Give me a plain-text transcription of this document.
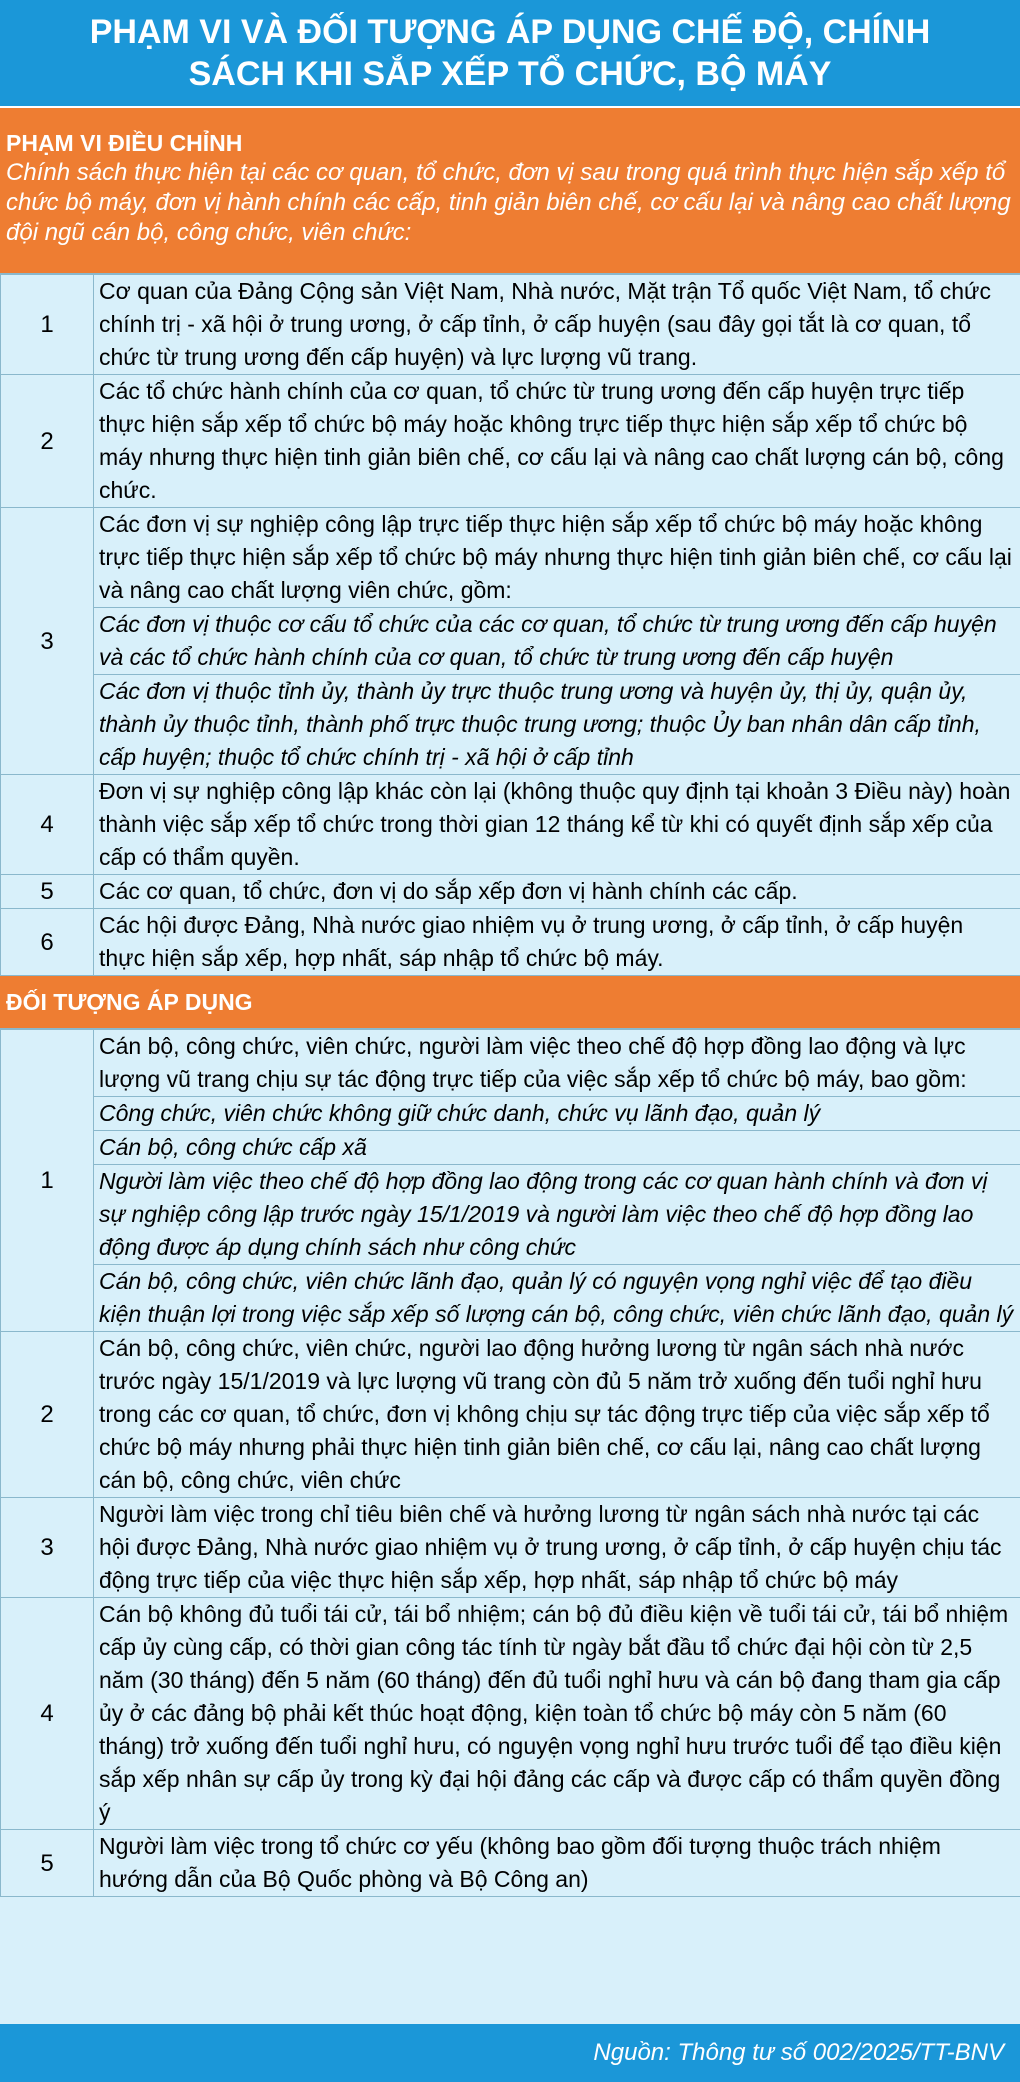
PHẠM VI VÀ ĐỐI TƯỢNG ÁP DỤNG CHẾ ĐỘ, CHÍNH
SÁCH KHI SẮP XẾP TỔ CHỨC, BỘ MÁY
PHẠM VI ĐIỀU CHỈNH
Chính sách thực hiện tại các cơ quan, tổ chức, đơn vị sau trong quá trình thực hiện sắp xếp tổ chức bộ máy, đơn vị hành chính các cấp, tinh giản biên chế, cơ cấu lại và nâng cao chất lượng đội ngũ cán bộ, công chức, viên chức:
1	Cơ quan của Đảng Cộng sản Việt Nam, Nhà nước, Mặt trận Tổ quốc Việt Nam, tổ chức chính trị - xã hội ở trung ương, ở cấp tỉnh, ở cấp huyện (sau đây gọi tắt là cơ quan, tổ chức từ trung ương đến cấp huyện) và lực lượng vũ trang.
2	Các tổ chức hành chính của cơ quan, tổ chức từ trung ương đến cấp huyện trực tiếp thực hiện sắp xếp tổ chức bộ máy hoặc không trực tiếp thực hiện sắp xếp tổ chức bộ máy nhưng thực hiện tinh giản biên chế, cơ cấu lại và nâng cao chất lượng cán bộ, công chức.
3	Các đơn vị sự nghiệp công lập trực tiếp thực hiện sắp xếp tổ chức bộ máy hoặc không trực tiếp thực hiện sắp xếp tổ chức bộ máy nhưng thực hiện tinh giản biên chế, cơ cấu lại và nâng cao chất lượng viên chức, gồm:
	Các đơn vị thuộc cơ cấu tổ chức của các cơ quan, tổ chức từ trung ương đến cấp huyện và các tổ chức hành chính của cơ quan, tổ chức từ trung ương đến cấp huyện
	Các đơn vị thuộc tỉnh ủy, thành ủy trực thuộc trung ương và huyện ủy, thị ủy, quận ủy, thành ủy thuộc tỉnh, thành phố trực thuộc trung ương; thuộc Ủy ban nhân dân cấp tỉnh, cấp huyện; thuộc tổ chức chính trị - xã hội ở cấp tỉnh
4	Đơn vị sự nghiệp công lập khác còn lại (không thuộc quy định tại khoản 3 Điều này) hoàn thành việc sắp xếp tổ chức trong thời gian 12 tháng kể từ khi có quyết định sắp xếp của cấp có thẩm quyền.
5	Các cơ quan, tổ chức, đơn vị do sắp xếp đơn vị hành chính các cấp.
6	Các hội được Đảng, Nhà nước giao nhiệm vụ ở trung ương, ở cấp tỉnh, ở cấp huyện thực hiện sắp xếp, hợp nhất, sáp nhập tổ chức bộ máy.
ĐỐI TƯỢNG ÁP DỤNG
1	Cán bộ, công chức, viên chức, người làm việc theo chế độ hợp đồng lao động và lực lượng vũ trang chịu sự tác động trực tiếp của việc sắp xếp tổ chức bộ máy, bao gồm:
	Công chức, viên chức không giữ chức danh, chức vụ lãnh đạo, quản lý
	Cán bộ, công chức cấp xã
	Người làm việc theo chế độ hợp đồng lao động trong các cơ quan hành chính và đơn vị sự nghiệp công lập trước ngày 15/1/2019 và người làm việc theo chế độ hợp đồng lao động được áp dụng chính sách như công chức
	Cán bộ, công chức, viên chức lãnh đạo, quản lý có nguyện vọng nghỉ việc để tạo điều kiện thuận lợi trong việc sắp xếp số lượng cán bộ, công chức, viên chức lãnh đạo, quản lý
2	Cán bộ, công chức, viên chức, người lao động hưởng lương từ ngân sách nhà nước trước ngày 15/1/2019 và lực lượng vũ trang còn đủ 5 năm trở xuống đến tuổi nghỉ hưu trong các cơ quan, tổ chức, đơn vị không chịu sự tác động trực tiếp của việc sắp xếp tổ chức bộ máy nhưng phải thực hiện tinh giản biên chế, cơ cấu lại, nâng cao chất lượng cán bộ, công chức, viên chức
3	Người làm việc trong chỉ tiêu biên chế và hưởng lương từ ngân sách nhà nước tại các hội được Đảng, Nhà nước giao nhiệm vụ ở trung ương, ở cấp tỉnh, ở cấp huyện chịu tác động trực tiếp của việc thực hiện sắp xếp, hợp nhất, sáp nhập tổ chức bộ máy
4	Cán bộ không đủ tuổi tái cử, tái bổ nhiệm; cán bộ đủ điều kiện về tuổi tái cử, tái bổ nhiệm cấp ủy cùng cấp, có thời gian công tác tính từ ngày bắt đầu tổ chức đại hội còn từ 2,5 năm (30 tháng) đến 5 năm (60 tháng) đến đủ tuổi nghỉ hưu và cán bộ đang tham gia cấp ủy ở các đảng bộ phải kết thúc hoạt động, kiện toàn tổ chức bộ máy còn 5 năm (60 tháng) trở xuống đến tuổi nghỉ hưu, có nguyện vọng nghỉ hưu trước tuổi để tạo điều kiện sắp xếp nhân sự cấp ủy trong kỳ đại hội đảng các cấp và được cấp có thẩm quyền đồng ý
5	Người làm việc trong tổ chức cơ yếu (không bao gồm đối tượng thuộc trách nhiệm hướng dẫn của Bộ Quốc phòng và Bộ Công an)
Nguồn: Thông tư số 002/2025/TT-BNV
